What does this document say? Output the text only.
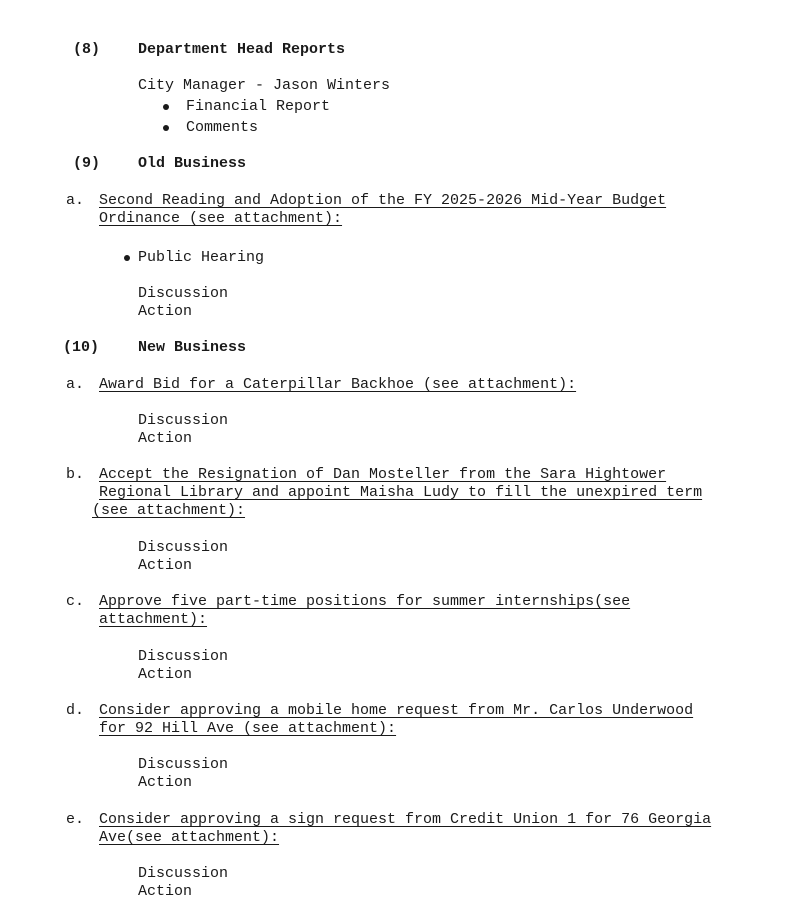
(8)	Department Head Reports
City Manager - Jason Winters
Financial Report
Comments
(9)	Old Business
a. Second Reading and Adoption of the FY 2025-2026 Mid-Year Budget
Ordinance (see attachment):
Public Hearing
Discussion
Action
(10)	New Business
a. Award Bid for a Caterpillar Backhoe (see attachment):
Discussion
Action
b. Accept the Resignation of Dan Mosteller from the Sara Hightower
Regional Library and appoint Maisha Ludy to fill the unexpired term
(see attachment):
Discussion
Action
c. Approve five part-time positions for summer internships(see
attachment):
Discussion
Action
d. Consider approving a mobile home request from Mr. Carlos Underwood
for 92 Hill Ave (see attachment):
Discussion
Action
e. Consider approving a sign request from Credit Union 1 for 76 Georgia
Ave(see attachment):
Discussion
Action
